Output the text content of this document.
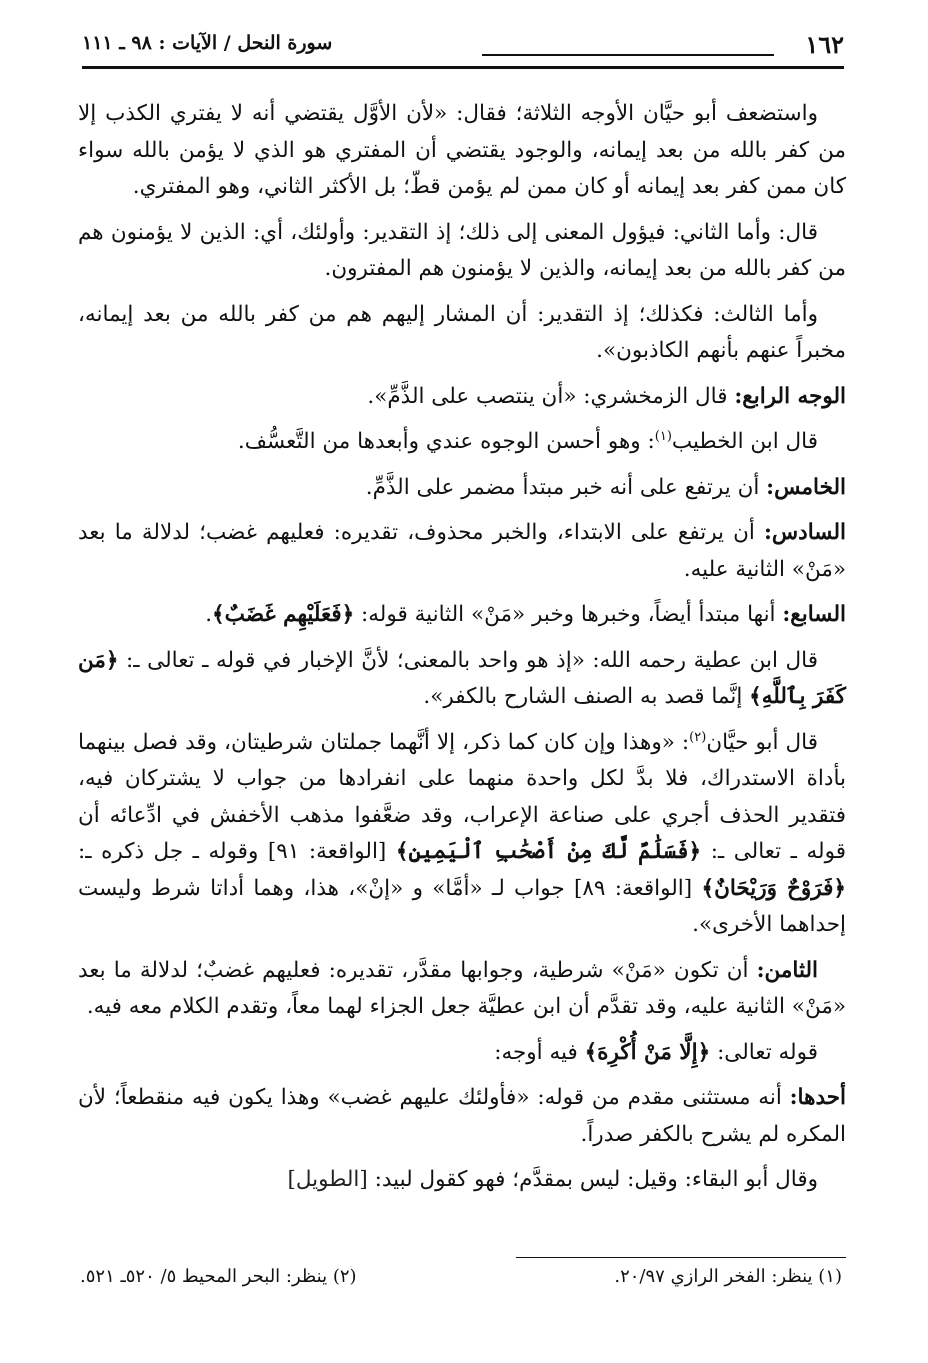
١٦٢
سورة النحل / الآيات : ٩٨ ـ ١١١

واستضعف أبو حيَّان الأوجه الثلاثة؛ فقال: «لأن الأوَّل يقتضي أنه لا يفتري الكذب إلا من كفر بالله من بعد إيمانه، والوجود يقتضي أن المفتري هو الذي لا يؤمن بالله سواء كان ممن كفر بعد إيمانه أو كان ممن لم يؤمن قطّ؛ بل الأكثر الثاني، وهو المفتري.

قال: وأما الثاني: فيؤول المعنى إلى ذلك؛ إذ التقدير: وأولئك، أي: الذين لا يؤمنون هم من كفر بالله من بعد إيمانه، والذين لا يؤمنون هم المفترون.

وأما الثالث: فكذلك؛ إذ التقدير: أن المشار إليهم هم من كفر بالله من بعد إيمانه، مخبراً عنهم بأنهم الكاذبون».

الوجه الرابع: قال الزمخشري: «أن ينتصب على الذَّمِّ».

قال ابن الخطيب$^{(١)}$: وهو أحسن الوجوه عندي وأبعدها من التَّعسُّف.

الخامس: أن يرتفع على أنه خبر مبتدأ مضمر على الذَّمِّ.

السادس: أن يرتفع على الابتداء، والخبر محذوف، تقديره: فعليهم غضب؛ لدلالة ما بعد «مَنْ» الثانية عليه.

السابع: أنها مبتدأ أيضاً، وخبرها وخبر «مَنْ» الثانية قوله: ﴿فَعَلَيْهِم غَضَبٌ﴾.

قال ابن عطية رحمه الله: «إذ هو واحد بالمعنى؛ لأنَّ الإخبار في قوله ـ تعالى ـ: ﴿مَن كَفَرَ بِٱللَّهِ﴾ إنَّما قصد به الصنف الشارح بالكفر».

قال أبو حيَّان$^{(٢)}$: «وهذا وإن كان كما ذكر، إلا أنَّهما جملتان شرطيتان، وقد فصل بينهما بأداة الاستدراك، فلا بدَّ لكل واحدة منهما على انفرادها من جواب لا يشتركان فيه، فتقدير الحذف أجري على صناعة الإعراب، وقد ضعَّفوا مذهب الأخفش في ادِّعائه أن قوله ـ تعالى ـ: ﴿فَسَلَٰمٌ لَّكَ مِنْ أَصْحَٰبِ ٱلْيَمِينِ﴾ [الواقعة: ٩١] وقوله ـ جل ذكره ـ: ﴿فَرَوْحٌ وَرَيْحَانٌ﴾ [الواقعة: ٨٩] جواب لـ «أمَّا» و «إنْ»، هذا، وهما أداتا شرط وليست إحداهما الأخرى».

الثامن: أن تكون «مَنْ» شرطية، وجوابها مقدَّر، تقديره: فعليهم غضبٌ؛ لدلالة ما بعد «مَنْ» الثانية عليه، وقد تقدَّم أن ابن عطيَّة جعل الجزاء لهما معاً، وتقدم الكلام معه فيه.

قوله تعالى: ﴿إِلَّا مَنْ أُكْرِهَ﴾ فيه أوجه:

أحدها: أنه مستثنى مقدم من قوله: «فأولئك عليهم غضب» وهذا يكون فيه منقطعاً؛ لأن المكره لم يشرح بالكفر صدراً.

وقال أبو البقاء: وقيل: ليس بمقدَّم؛ فهو كقول لبيد: [الطويل]

(١) ينظر: الفخر الرازي ٢٠/٩٧.
(٢) ينظر: البحر المحيط ٥/ ٥٢٠ـ ٥٢١.
